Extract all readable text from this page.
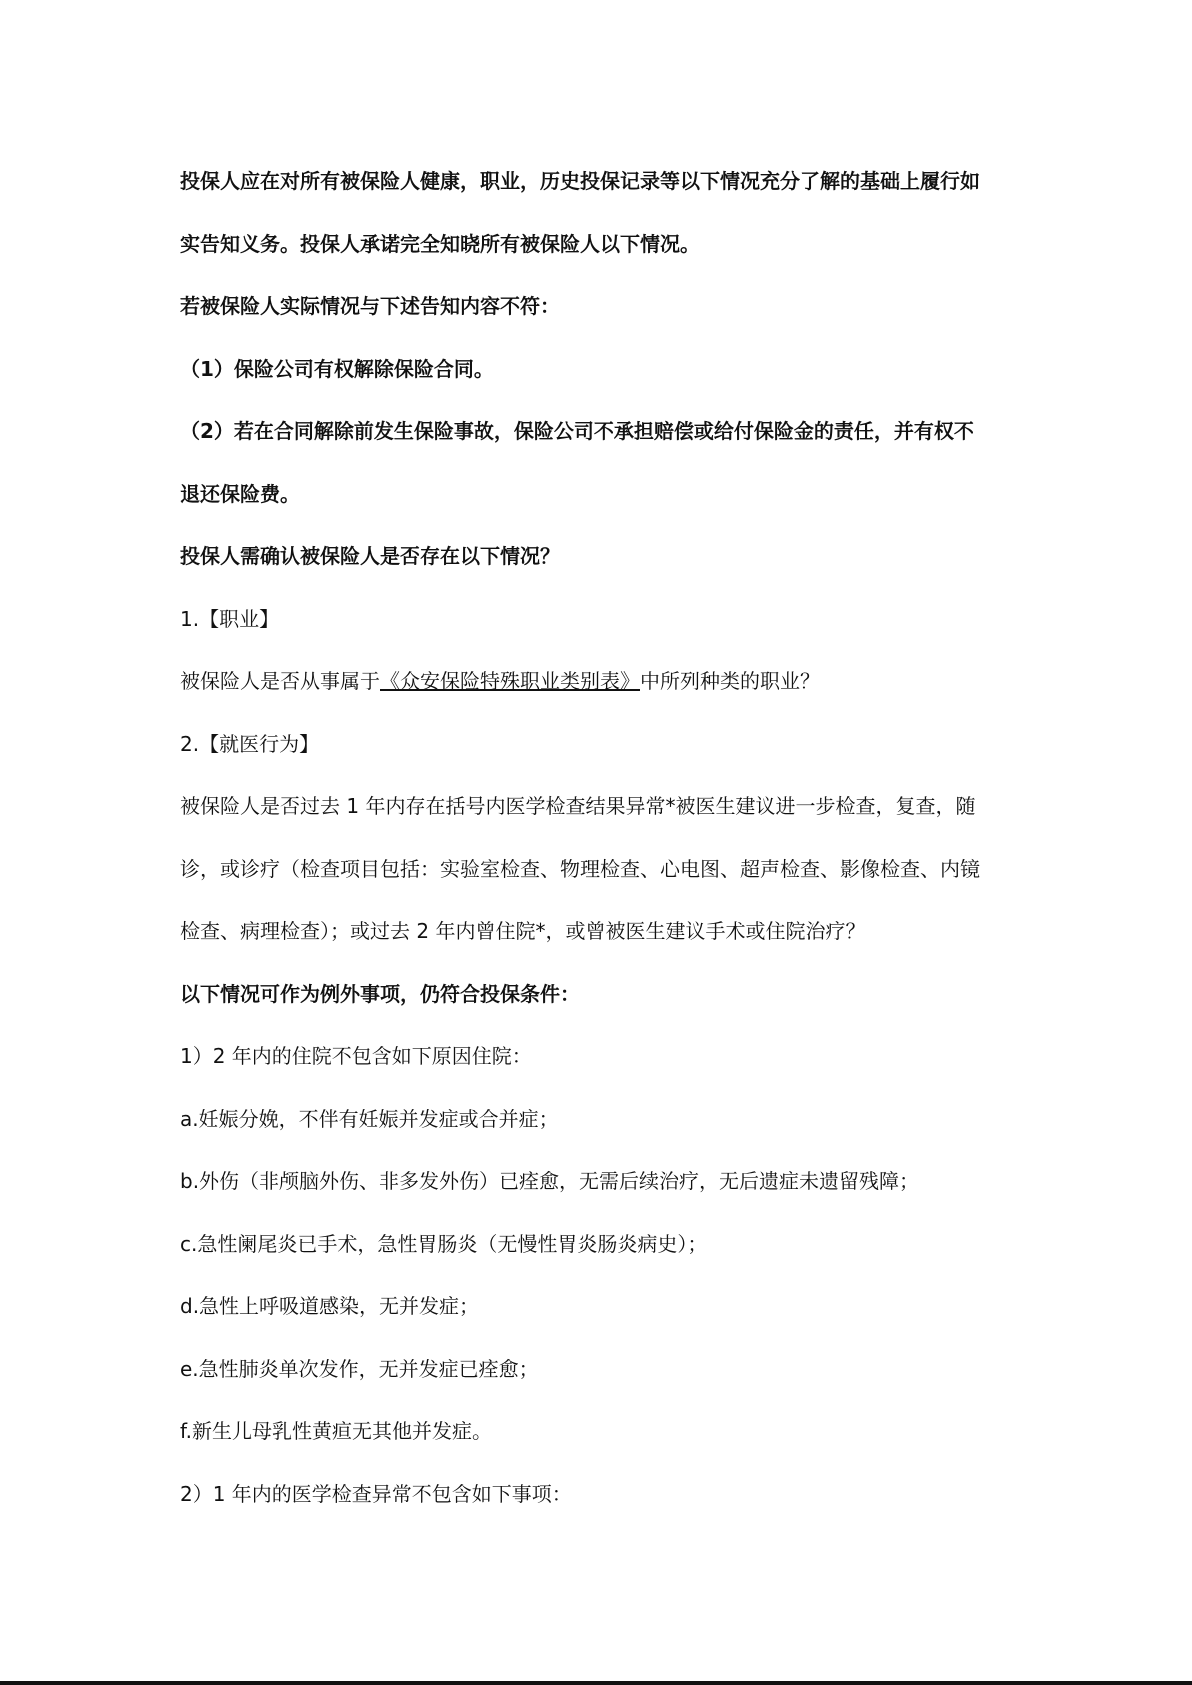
投保人应在对所有被保险人健康，职业，历史投保记录等以下情况充分了解的基础上履行如

实告知义务。投保人承诺完全知晓所有被保险人以下情况。

若被保险人实际情况与下述告知内容不符：

（1）保险公司有权解除保险合同。

（2）若在合同解除前发生保险事故，保险公司不承担赔偿或给付保险金的责任，并有权不

退还保险费。

投保人需确认被保险人是否存在以下情况？

1.【职业】

被保险人是否从事属于《众安保险特殊职业类别表》中所列种类的职业？

2.【就医行为】

被保险人是否过去 1 年内存在括号内医学检查结果异常*被医生建议进一步检查，复查，随

诊，或诊疗（检查项目包括：实验室检查、物理检查、心电图、超声检查、影像检查、内镜

检查、病理检查）；或过去 2 年内曾住院*，或曾被医生建议手术或住院治疗？

以下情况可作为例外事项，仍符合投保条件：

1）2 年内的住院不包含如下原因住院：

a.妊娠分娩，不伴有妊娠并发症或合并症；

b.外伤（非颅脑外伤、非多发外伤）已痊愈，无需后续治疗，无后遗症未遗留残障；

c.急性阑尾炎已手术，急性胃肠炎（无慢性胃炎肠炎病史）；

d.急性上呼吸道感染，无并发症；

e.急性肺炎单次发作，无并发症已痊愈；

f.新生儿母乳性黄疸无其他并发症。

2）1 年内的医学检查异常不包含如下事项：
